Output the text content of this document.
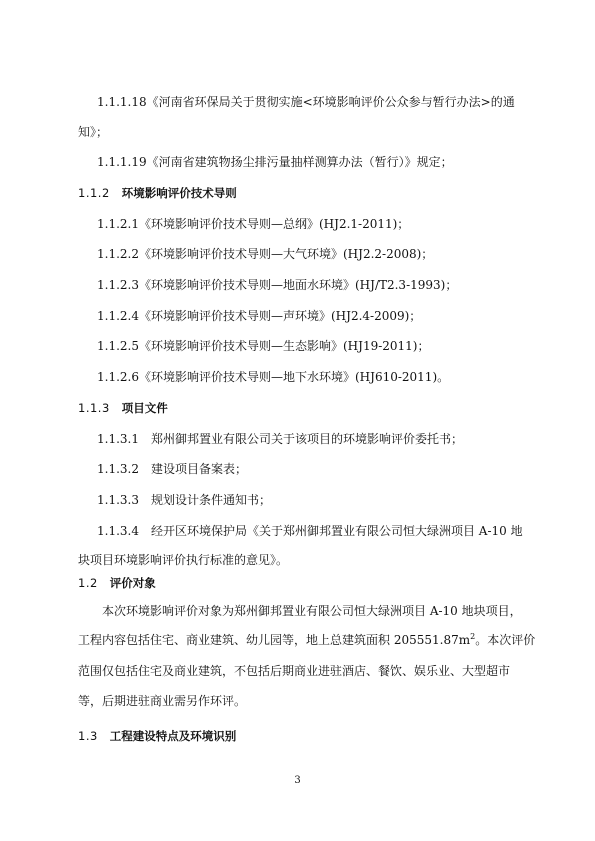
1.1.1.18《河南省环保局关于贯彻实施<环境影响评价公众参与暂行办法>的通
知》；
1.1.1.19《河南省建筑物扬尘排污量抽样测算办法（暂行）》规定；
1.1.2 环境影响评价技术导则
1.1.2.1《环境影响评价技术导则—总纲》(HJ2.1-2011)；
1.1.2.2《环境影响评价技术导则—大气环境》(HJ2.2-2008)；
1.1.2.3《环境影响评价技术导则—地面水环境》(HJ/T2.3-1993)；
1.1.2.4《环境影响评价技术导则—声环境》(HJ2.4-2009)；
1.1.2.5《环境影响评价技术导则—生态影响》(HJ19-2011)；
1.1.2.6《环境影响评价技术导则—地下水环境》(HJ610-2011)。
1.1.3 项目文件
1.1.3.1　郑州御邦置业有限公司关于该项目的环境影响评价委托书；
1.1.3.2　建设项目备案表；
1.1.3.3　规划设计条件通知书；
1.1.3.4　经开区环境保护局《关于郑州御邦置业有限公司恒大绿洲项目 A-10 地
块项目环境影响评价执行标准的意见》。
1.2 评价对象
本次环境影响评价对象为郑州御邦置业有限公司恒大绿洲项目 A-10 地块项目，
工程内容包括住宅、商业建筑、幼儿园等，地上总建筑面积 $205551.87m^2$。本次评价
范围仅包括住宅及商业建筑，不包括后期商业进驻酒店、餐饮、娱乐业、大型超市
等，后期进驻商业需另作环评。
1.3 工程建设特点及环境识别
3
